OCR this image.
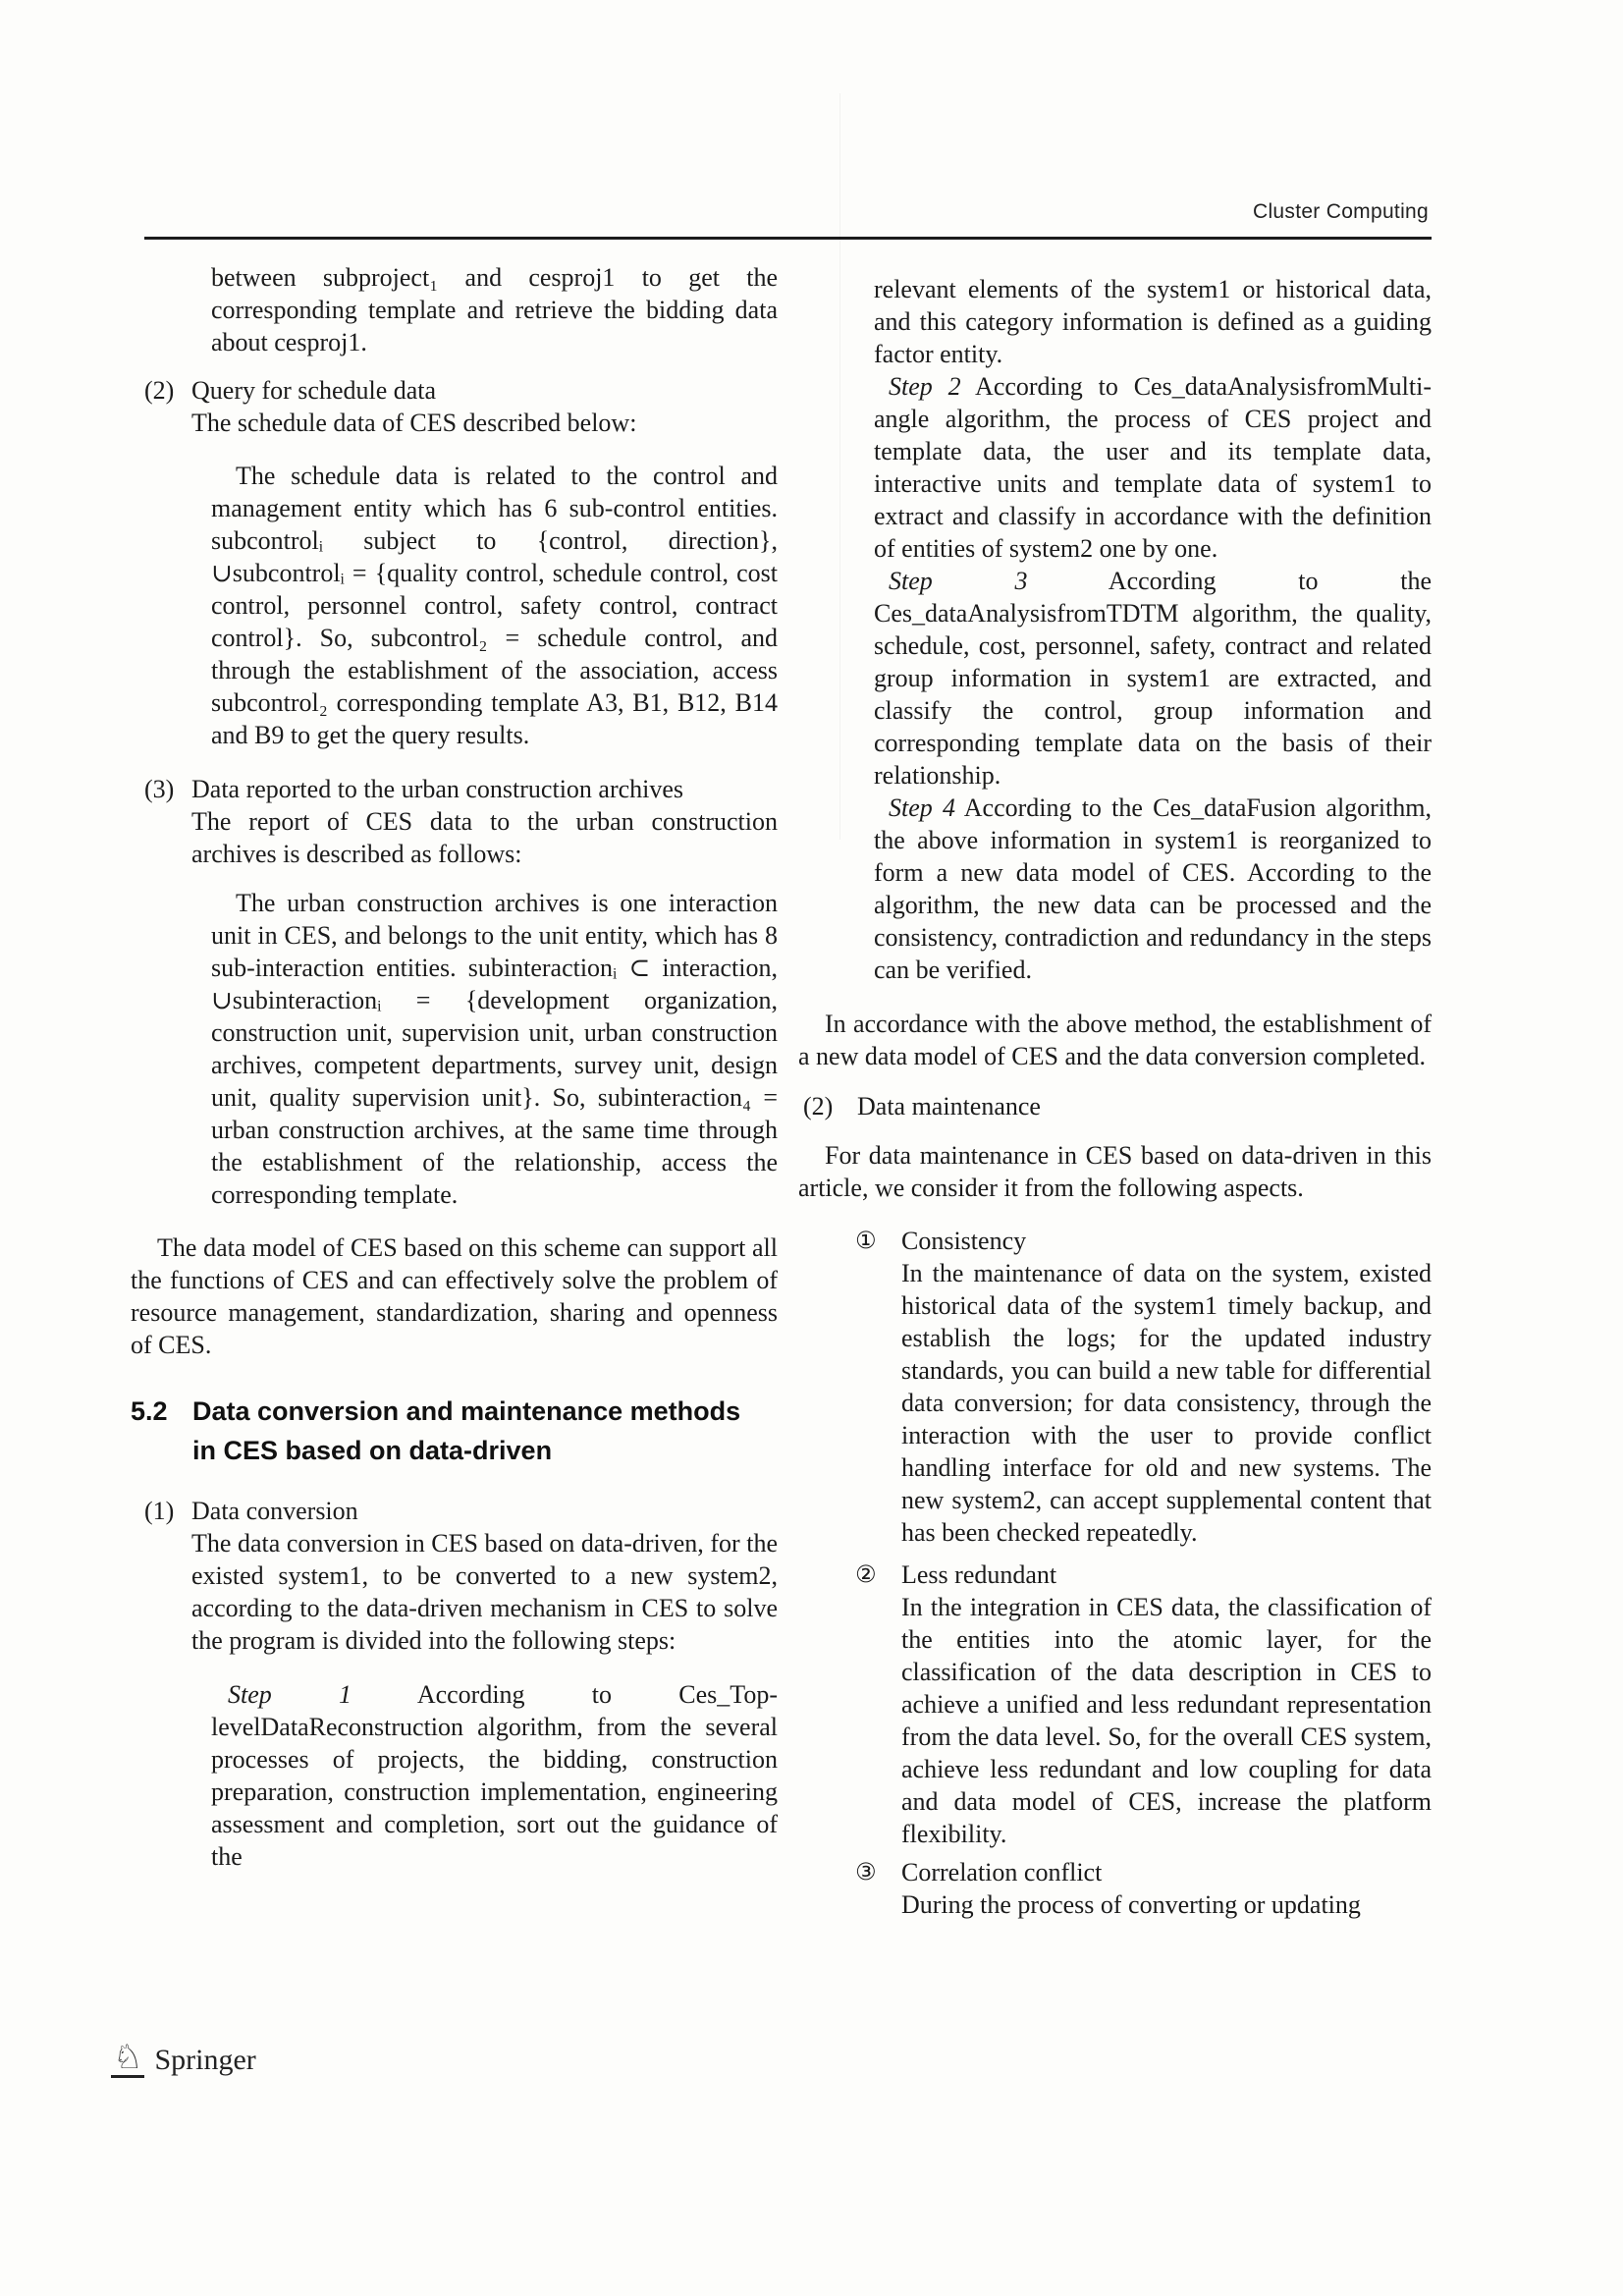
Cluster Computing

between subproject₁ and cesproj1 to get the corresponding template and retrieve the bidding data about cesproj1.

(2) Query for schedule data
The schedule data of CES described below:

The schedule data is related to the control and management entity which has 6 sub-control entities. subcontrolᵢ subject to {control, direction}, ∪subcontrolᵢ = {quality control, schedule control, cost control, personnel control, safety control, contract control}. So, subcontrol₂ = schedule control, and through the establishment of the association, access subcontrol₂ corresponding template A3, B1, B12, B14 and B9 to get the query results.

(3) Data reported to the urban construction archives

The report of CES data to the urban construction archives is described as follows:

The urban construction archives is one interaction unit in CES, and belongs to the unit entity, which has 8 sub-interaction entities. subinteractionᵢ ⊂ interaction, ∪subinteractionᵢ = {development organization, construction unit, supervision unit, urban construction archives, competent departments, survey unit, design unit, quality supervision unit}. So, subinteraction₄ = urban construction archives, at the same time through the establishment of the relationship, access the corresponding template.

The data model of CES based on this scheme can support all the functions of CES and can effectively solve the problem of resource management, standardization, sharing and openness of CES.

5.2 Data conversion and maintenance methods
in CES based on data-driven
(1) Data conversion

The data conversion in CES based on data-driven, for the existed system1, to be converted to a new system2, according to the data-driven mechanism in CES to solve the program is divided into the following steps:

Step 1 According to Ces_Top-levelDataReconstruction algorithm, from the several processes of projects, the bidding, construction preparation, construction implementation, engineering assessment and completion, sort out the guidance of the

relevant elements of the system1 or historical data, and this category information is defined as a guiding factor entity.

Step 2 According to Ces_dataAnalysisfromMulti-angle algorithm, the process of CES project and template data, the user and its template data, interactive units and template data of system1 to extract and classify in accordance with the definition of entities of system2 one by one.

Step 3 According to the Ces_dataAnalysisfromTDTM algorithm, the quality, schedule, cost, personnel, safety, contract and related group information in system1 are extracted, and classify the control, group information and corresponding template data on the basis of their relationship.

Step 4 According to the Ces_dataFusion algorithm, the above information in system1 is reorganized to form a new data model of CES. According to the algorithm, the new data can be processed and the consistency, contradiction and redundancy in the steps can be verified.

In accordance with the above method, the establishment of a new data model of CES and the data conversion completed.

(2) Data maintenance

For data maintenance in CES based on data-driven in this article, we consider it from the following aspects.

① Consistency

In the maintenance of data on the system, existed historical data of the system1 timely backup, and establish the logs; for the updated industry standards, you can build a new table for differential data conversion; for data consistency, through the interaction with the user to provide conflict handling interface for old and new systems. The new system2, can accept supplemental content that has been checked repeatedly.

② Less redundant

In the integration in CES data, the classification of the entities into the atomic layer, for the classification of the data description in CES to achieve a unified and less redundant representation from the data level. So, for the overall CES system, achieve less redundant and low coupling for data and data model of CES, increase the platform flexibility.

③ Correlation conflict

During the process of converting or updating

♘ Springer
